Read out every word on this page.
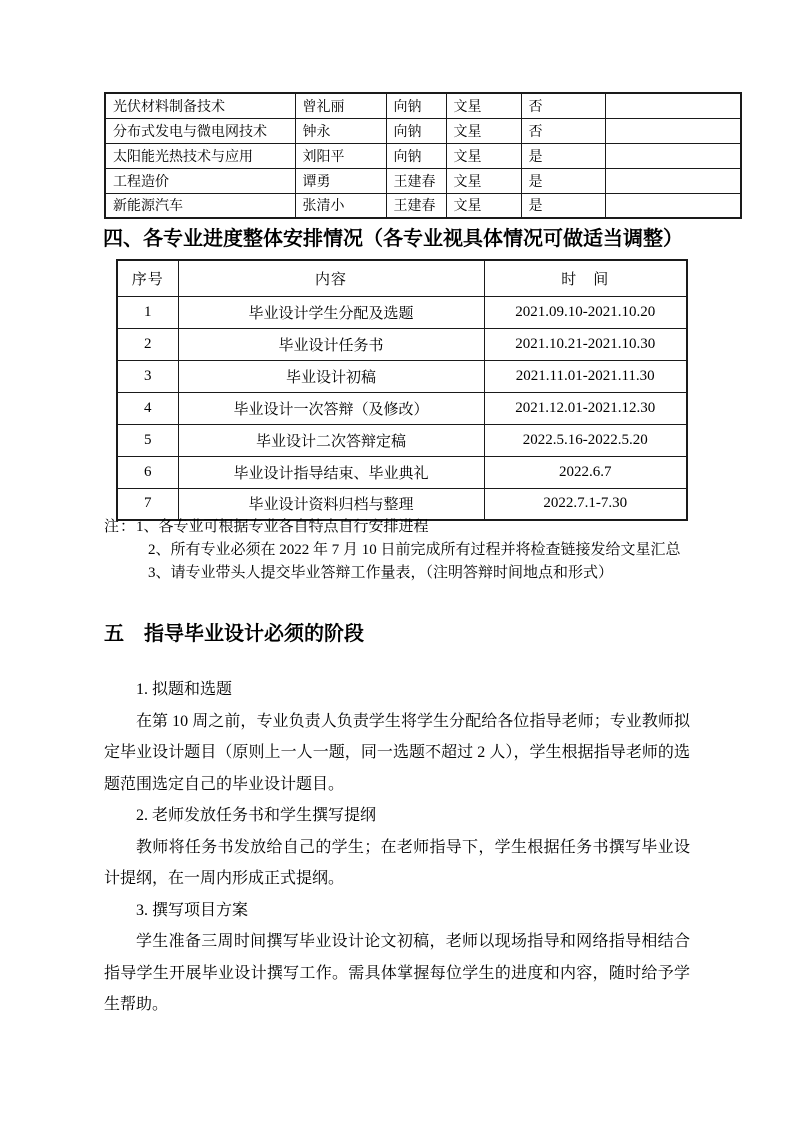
光伏材料制备技术	曾礼丽	向钠	文星	否	
分布式发电与微电网技术	钟永	向钠	文星	否	
太阳能光热技术与应用	刘阳平	向钠	文星	是	
工程造价	谭勇	王建春	文星	是	
新能源汽车	张清小	王建春	文星	是	
四、各专业进度整体安排情况（各专业视具体情况可做适当调整）
序号	内容	时　间
1	毕业设计学生分配及选题	2021.09.10-2021.10.20
2	毕业设计任务书	2021.10.21-2021.10.30
3	毕业设计初稿	2021.11.01-2021.11.30
4	毕业设计一次答辩（及修改）	2021.12.01-2021.12.30
5	毕业设计二次答辩定稿	2022.5.16-2022.5.20
6	毕业设计指导结束、毕业典礼	2022.6.7
7	毕业设计资料归档与整理	2022.7.1-7.30
注：1、各专业可根据专业各自特点自行安排进程
2、所有专业必须在 2022 年 7 月 10 日前完成所有过程并将检查链接发给文星汇总
3、请专业带头人提交毕业答辩工作量表，（注明答辩时间地点和形式）
五　指导毕业设计必须的阶段

1. 拟题和选题

在第 10 周之前，专业负责人负责学生将学生分配给各位指导老师；专业教师拟定毕业设计题目（原则上一人一题，同一选题不超过 2 人），学生根据指导老师的选题范围选定自己的毕业设计题目。

2. 老师发放任务书和学生撰写提纲

教师将任务书发放给自己的学生；在老师指导下，学生根据任务书撰写毕业设计提纲，在一周内形成正式提纲。

3. 撰写项目方案

学生准备三周时间撰写毕业设计论文初稿，老师以现场指导和网络指导相结合指导学生开展毕业设计撰写工作。需具体掌握每位学生的进度和内容，随时给予学生帮助。
